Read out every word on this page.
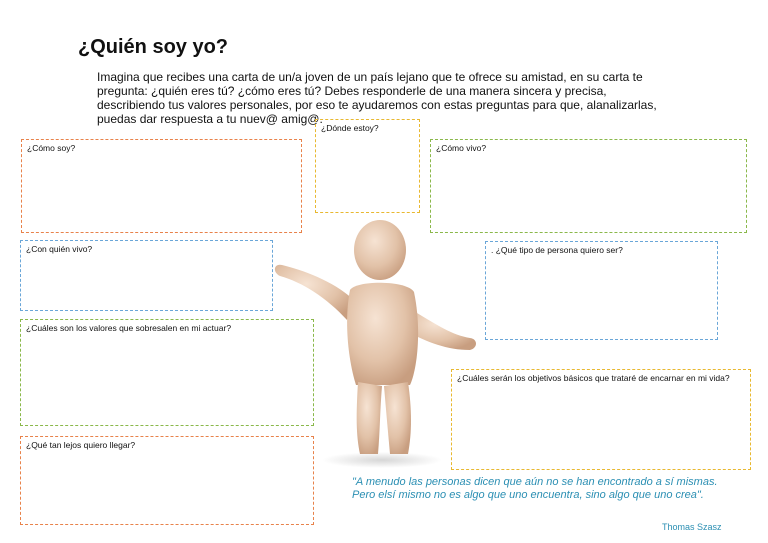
¿Quién soy yo?
Imagina que recibes una carta de un/a joven de un país lejano que te ofrece su amistad, en su carta te pregunta: ¿quién eres tú? ¿cómo eres tú? Debes responderle de una manera sincera y precisa, describiendo tus valores personales, por eso te ayudaremos con estas preguntas para que, alanalizarlas, puedas dar respuesta a tu nuev@ amig@.
¿Cómo soy?
¿Dónde estoy?
¿Cómo vivo?
¿Con quién vivo?	. ¿Qué tipo de persona quiero ser?
¿Cuáles son los valores que sobresalen en mi actuar?
¿Cuáles serán los objetivos básicos que trataré de encarnar en mi vida?
¿Qué tan lejos quiero llegar?
"A menudo las personas dicen que aún no se han encontrado a sí mismas. Pero elsí mismo no es algo que uno encuentra, sino algo que uno crea".
Thomas Szasz
